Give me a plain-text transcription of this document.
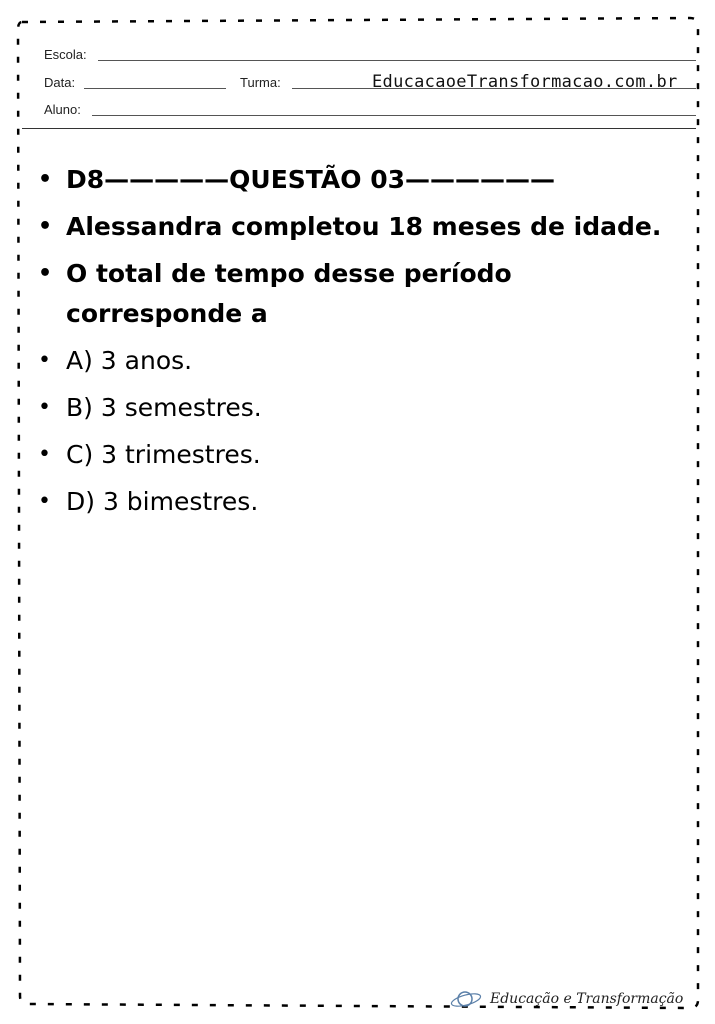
Escola:
Data:	Turma:	EducacaoeTransformacao.com.br
Aluno:
• D8—————QUESTÃO 03——————
• Alessandra completou 18 meses de idade.
• O total de tempo desse período corresponde a
• A) 3 anos.
• B) 3 semestres.
• C) 3 trimestres.
• D) 3 bimestres.
Educação e Transformação
